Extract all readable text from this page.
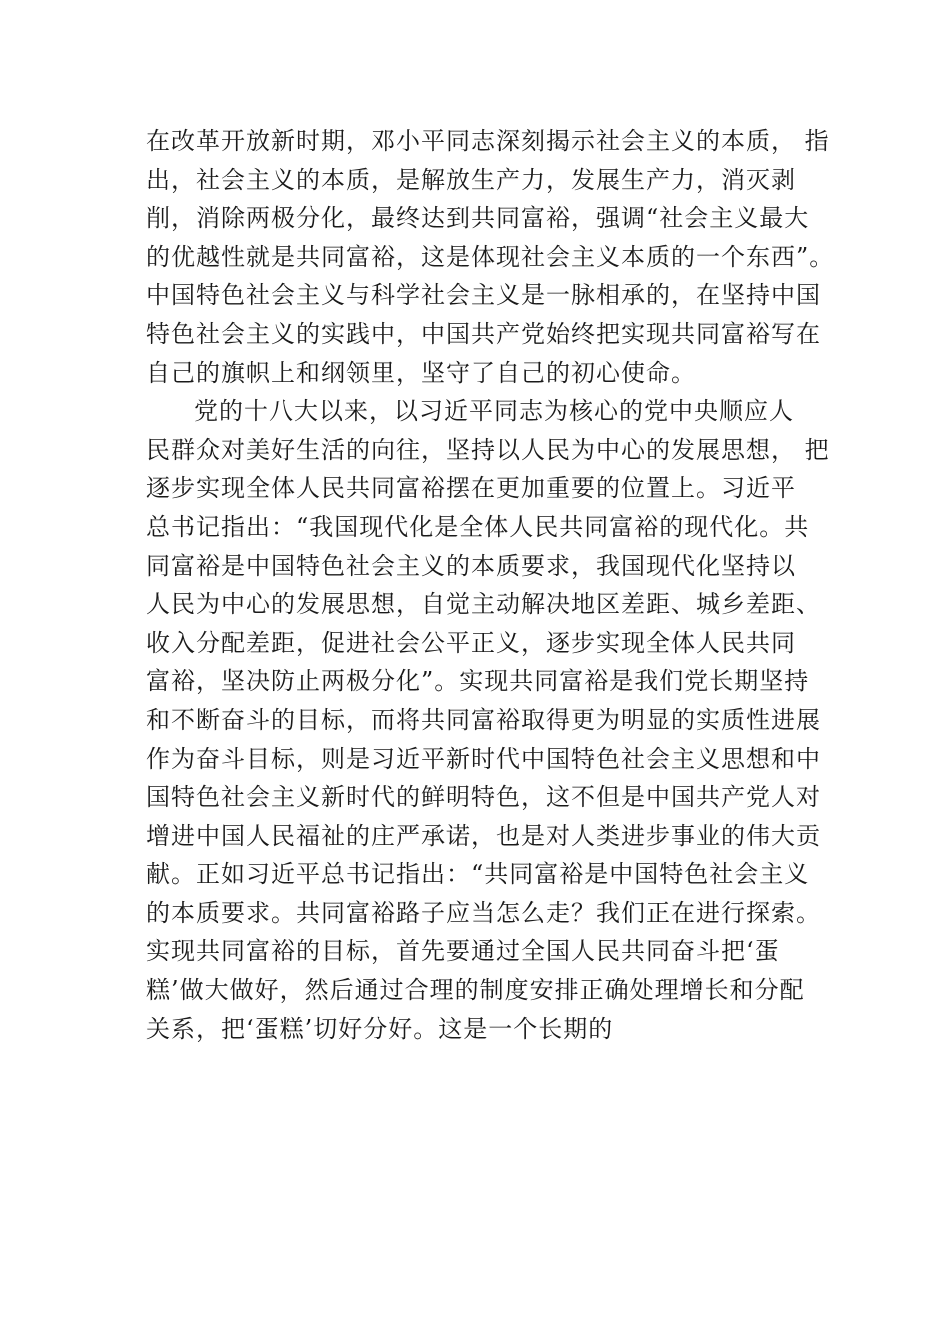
在改革开放新时期，邓小平同志深刻揭示社会主义的本质， 指
出，社会主义的本质，是解放生产力，发展生产力，消灭剥
削，消除两极分化，最终达到共同富裕，强调“社会主义最大
的优越性就是共同富裕，这是体现社会主义本质的一个东西”。
中国特色社会主义与科学社会主义是一脉相承的，在坚持中国
特色社会主义的实践中，中国共产党始终把实现共同富裕写在
自己的旗帜上和纲领里，坚守了自己的初心使命。
党的十八大以来，以习近平同志为核心的党中央顺应人
民群众对美好生活的向往，坚持以人民为中心的发展思想， 把
逐步实现全体人民共同富裕摆在更加重要的位置上。习近平
总书记指出：“我国现代化是全体人民共同富裕的现代化。共
同富裕是中国特色社会主义的本质要求，我国现代化坚持以
人民为中心的发展思想，自觉主动解决地区差距、城乡差距、
收入分配差距，促进社会公平正义，逐步实现全体人民共同
富裕，坚决防止两极分化”。实现共同富裕是我们党长期坚持
和不断奋斗的目标，而将共同富裕取得更为明显的实质性进展
作为奋斗目标，则是习近平新时代中国特色社会主义思想和中
国特色社会主义新时代的鲜明特色，这不但是中国共产党人对
增进中国人民福祉的庄严承诺，也是对人类进步事业的伟大贡
献。正如习近平总书记指出：“共同富裕是中国特色社会主义
的本质要求。共同富裕路子应当怎么走？我们正在进行探索。
实现共同富裕的目标，首先要通过全国人民共同奋斗把‘蛋
糕’做大做好，然后通过合理的制度安排正确处理增长和分配
关系，把‘蛋糕’切好分好。这是一个长期的
